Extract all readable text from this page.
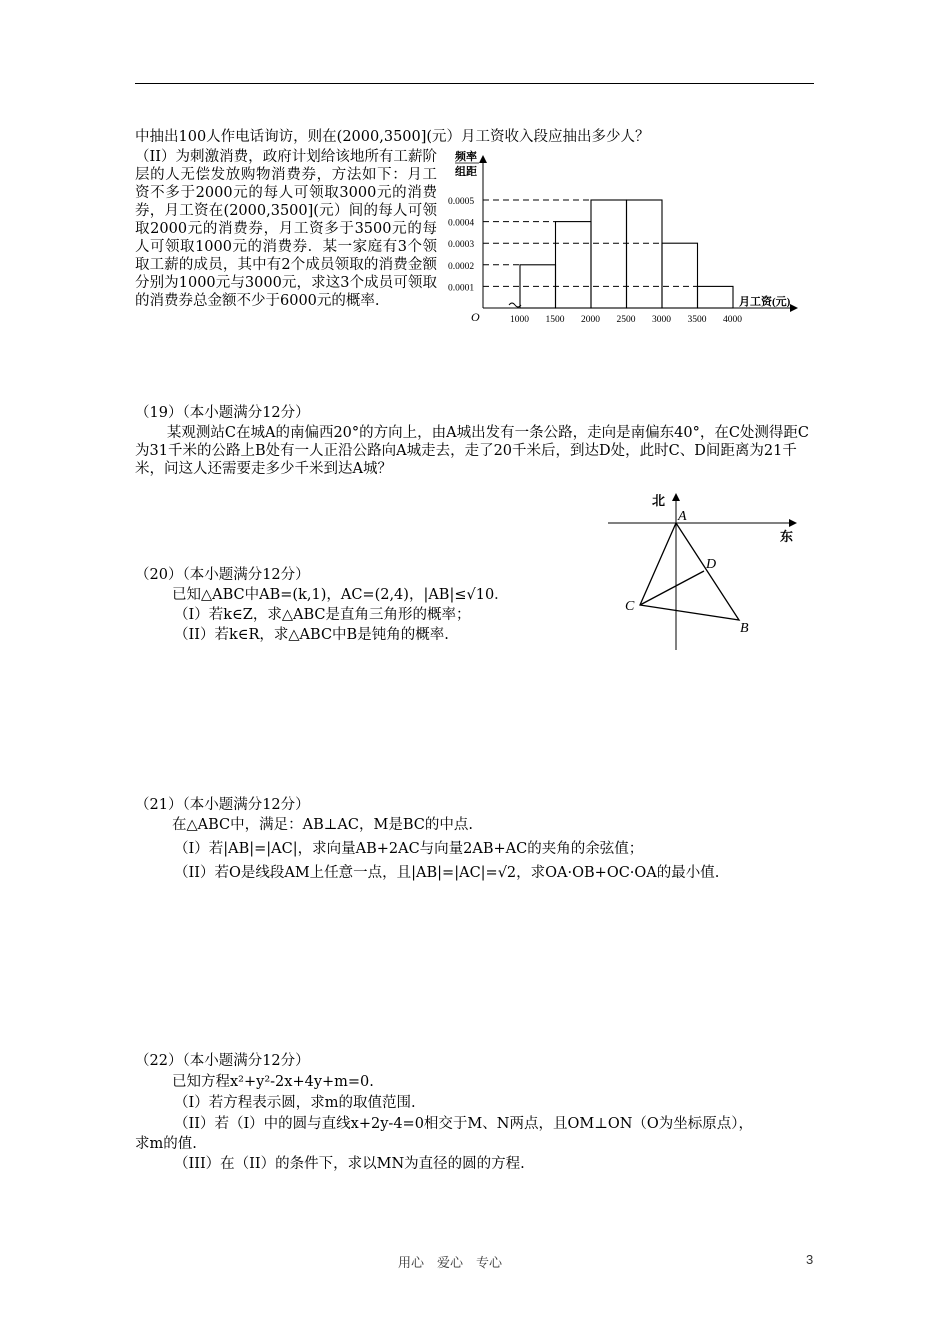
中抽出100人作电话询访，则在(2000,3500](元）月工资收入段应抽出多少人？
（II）为刺激消费，政府计划给该地所有工薪阶层的人无偿发放购物消费券，方法如下：月工资不多于2000元的每人可领取3000元的消费券，月工资在(2000,3500](元）间的每人可领取2000元的消费券，月工资多于3500元的每人可领取1000元的消费券．某一家庭有3个领取工薪的成员，其中有2个成员领取的消费金额分别为1000元与3000元，求这3个成员可领取的消费券总金额不少于6000元的概率.
频率
组距
O
0.0001
0.0002
0.0003
0.0004
0.0005
1000 1500 2000 2500 3000 3500 4000
月工资(元)
（19）（本小题满分12分）
某观测站C在城A的南偏西20°的方向上，由A城出发有一条公路，走向是南偏东40°，在C处测得距C为31千米的公路上B处有一人正沿公路向A城走去，走了20千米后，到达D处，此时C、D间距离为21千米，问这人还需要走多少千米到达A城？
北
东
A
B
C
D
（20）（本小题满分12分）
已知△ABC中AB=(k,1)，AC=(2,4)，|AB|≤√10．
（I）若k∈Z，求△ABC是直角三角形的概率；
（II）若k∈R，求△ABC中B是钝角的概率.
（21）（本小题满分12分）
在△ABC中，满足：AB⊥AC，M是BC的中点.
（I）若|AB|=|AC|，求向量AB+2AC与向量2AB+AC的夹角的余弦值；
（II）若O是线段AM上任意一点，且|AB|=|AC|=√2，求OA·OB+OC·OA的最小值.
（22）（本小题满分12分）
已知方程x²+y²-2x+4y+m=0.
（I）若方程表示圆，求m的取值范围.
（II）若（I）中的圆与直线x+2y-4=0相交于M、N两点，且OM⊥ON（O为坐标原点），
求m的值.
（III）在（II）的条件下，求以MN为直径的圆的方程.
用心　爱心　专心	3
